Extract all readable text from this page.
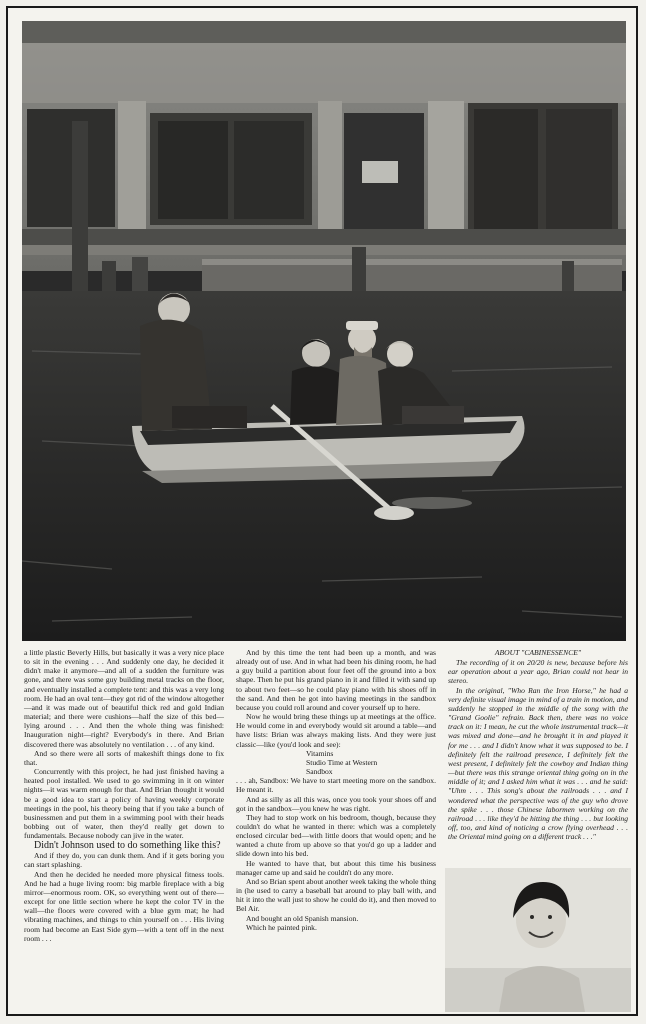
a little plastic Beverly Hills, but basically it was a very nice place to sit in the evening . . . And suddenly one day, he decided it didn't make it anymore—and all of a sudden the furniture was gone, and there was some guy building metal tracks on the floor, and eventually installed a complete tent: and this was a very long room. He had an oval tent—they got rid of the window altogether—and it was made out of beautiful thick red and gold Indian material; and there were cushions—half the size of this bed—lying around . . . And then the whole thing was finished: Inauguration night—right? Everybody's in there. And Brian discovered there was absolutely no ventilation . . . of any kind.

And so there were all sorts of makeshift things done to fix that.

Concurrently with this project, he had just finished having a heated pool installed. We used to go swimming in it on winter nights—it was warm enough for that. And Brian thought it would be a good idea to start a policy of having weekly corporate meetings in the pool, his theory being that if you take a bunch of businessmen and put them in a swimming pool with their heads bobbing out of water, then they'd really get down to fundamentals. Because nobody can jive in the water.

Didn't Johnson used to do something like this?

And if they do, you can dunk them. And if it gets boring you can start splashing.

And then he decided he needed more physical fitness tools. And he had a huge living room: big marble fireplace with a big mirror—enormous room. OK, so everything went out of there—except for one little section where he kept the color TV in the wall—the floors were covered with a blue gym mat; he had vibrating machines, and things to chin yourself on . . . His living room had become an East Side gym—with a tent off in the next room . . .

And by this time the tent had been up a month, and was already out of use. And in what had been his dining room, he had a guy build a partition about four feet off the ground into a box shape. Then he put his grand piano in it and filled it with sand up to about two feet—so he could play piano with his shoes off in the sand. And then he got into having meetings in the sandbox because you could roll around and cover yourself up to here.

Now he would bring these things up at meetings at the office. He would come in and everybody would sit around a table—and have lists: Brian was always making lists. And they were just classic—like (you'd look and see):

Vitamins
Studio Time at Western
Sandbox

. . . ah, Sandbox: We have to start meeting more on the sandbox. He meant it.

And as silly as all this was, once you took your shoes off and got in the sandbox—you knew he was right.

They had to stop work on his bedroom, though, because they couldn't do what he wanted in there: which was a completely enclosed circular bed—with little doors that would open; and he wanted a chute from up above so that you'd go up a ladder and slide down into his bed.

He wanted to have that, but about this time his business manager came up and said he couldn't do any more.

And so Brian spent about another week taking the whole thing in (he used to carry a baseball bat around to play ball with, and hit it into the wall just to show he could do it), and then moved to Bel Air.

And bought an old Spanish mansion.

Which he painted pink.

ABOUT "CABINESSENCE"

The recording of it on 20/20 is new, because before his ear operation about a year ago, Brian could not hear in stereo.

In the original, "Who Ran the Iron Horse," he had a very definite visual image in mind of a train in motion, and suddenly he stopped in the middle of the song with the "Grand Goolie" refrain. Back then, there was no voice track on it: I mean, he cut the whole instrumental track—it was mixed and done—and he brought it in and played it for me . . . and I didn't know what it was supposed to be. I definitely felt the railroad presence, I definitely felt the west present, I definitely felt the cowboy and Indian thing—but there was this strange oriental thing going on in the middle of it; and I asked him what it was . . . and he said: "Uhm . . . This song's about the railroads . . . and I wondered what the perspective was of the guy who drove the spike . . . those Chinese labormen working on the railroad . . . like they'd be hitting the thing . . . but looking off, too, and kind of noticing a crow flying overhead . . . the Oriental mind going on a different track . . ."
